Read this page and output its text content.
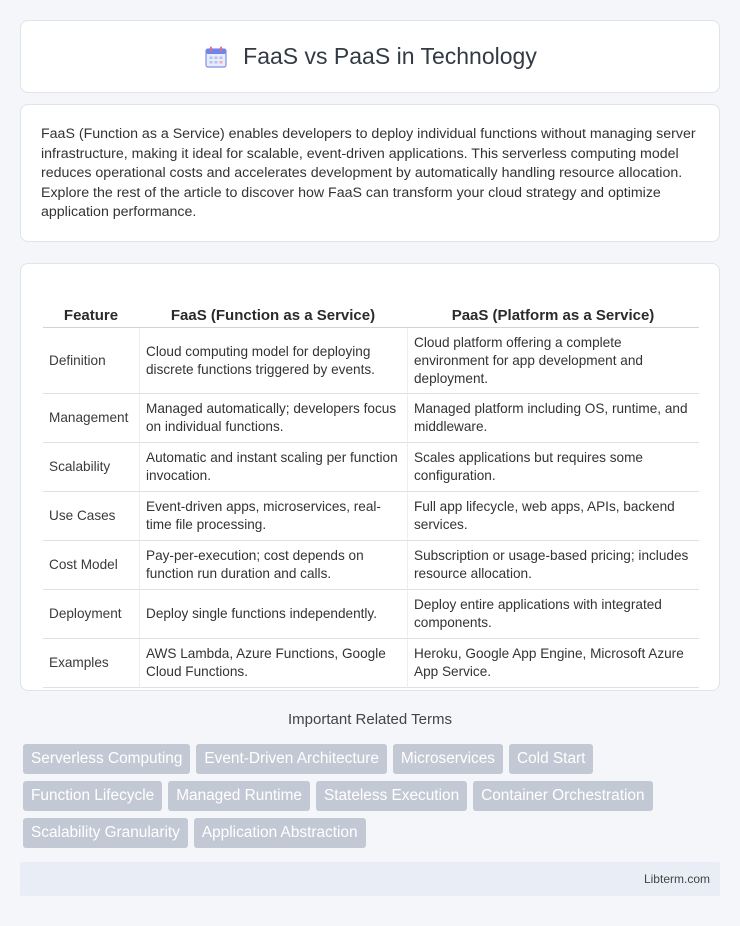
FaaS vs PaaS in Technology

FaaS (Function as a Service) enables developers to deploy individual functions without managing server infrastructure, making it ideal for scalable, event-driven applications. This serverless computing model reduces operational costs and accelerates development by automatically handling resource allocation. Explore the rest of the article to discover how FaaS can transform your cloud strategy and optimize application performance.

Feature	FaaS (Function as a Service)	PaaS (Platform as a Service)
Definition	Cloud computing model for deploying discrete functions triggered by events.	Cloud platform offering a complete environment for app development and deployment.
Management	Managed automatically; developers focus on individual functions.	Managed platform including OS, runtime, and middleware.
Scalability	Automatic and instant scaling per function invocation.	Scales applications but requires some configuration.
Use Cases	Event-driven apps, microservices, real-time file processing.	Full app lifecycle, web apps, APIs, backend services.
Cost Model	Pay-per-execution; cost depends on function run duration and calls.	Subscription or usage-based pricing; includes resource allocation.
Deployment	Deploy single functions independently.	Deploy entire applications with integrated components.
Examples	AWS Lambda, Azure Functions, Google Cloud Functions.	Heroku, Google App Engine, Microsoft Azure App Service.
Important Related Terms
Serverless Computing	Event-Driven Architecture	Microservices	Cold Start
Function Lifecycle	Managed Runtime	Stateless Execution	Container Orchestration
Scalability Granularity	Application Abstraction
Libterm.com
